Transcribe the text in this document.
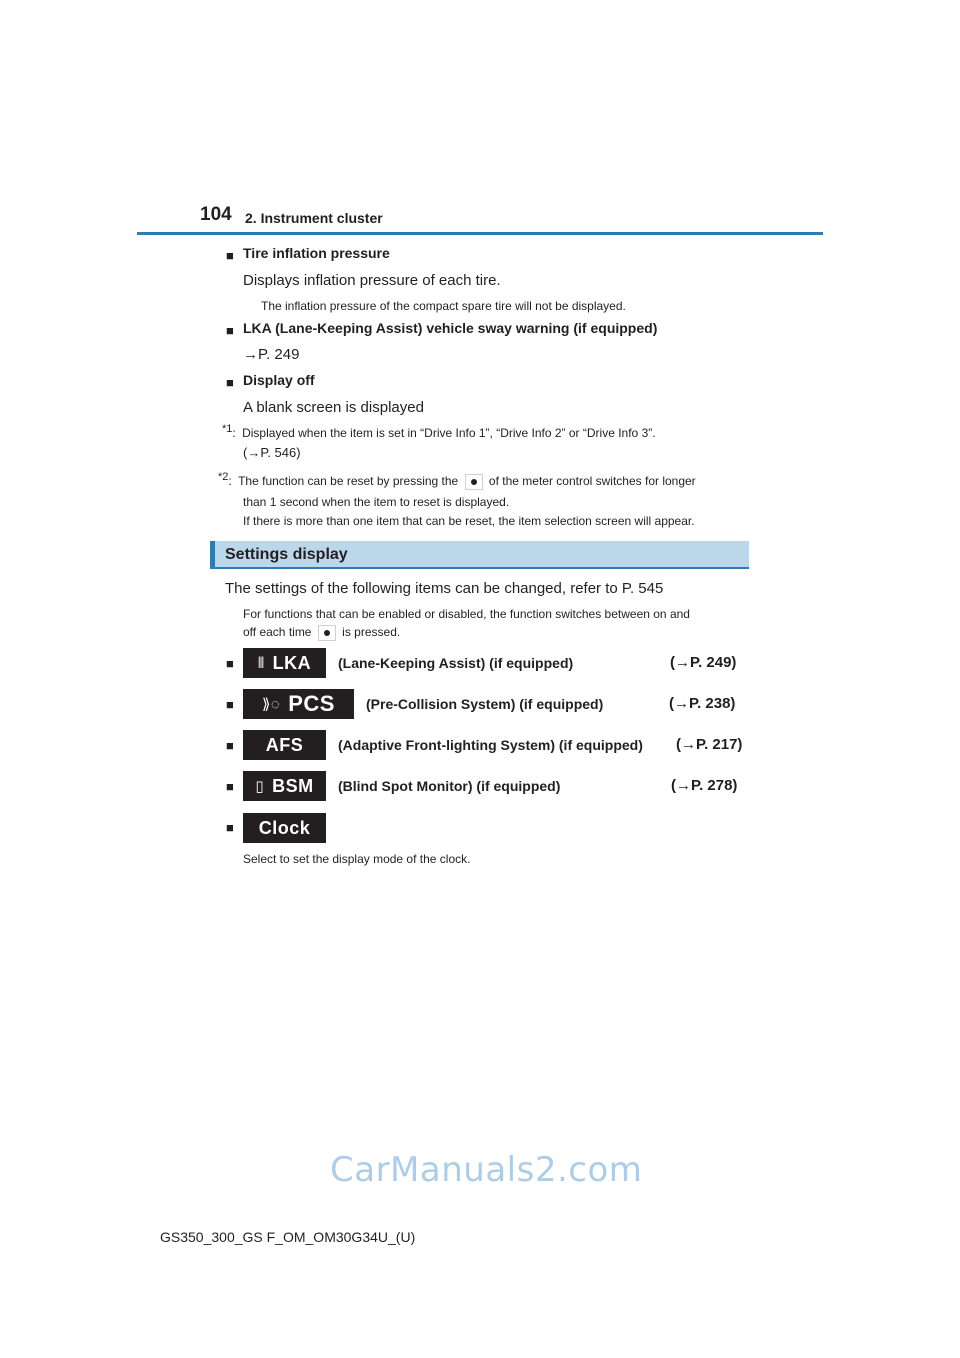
104 2. Instrument cluster
■ Tire inflation pressure
Displays inflation pressure of each tire.
The inflation pressure of the compact spare tire will not be displayed.
■ LKA (Lane-Keeping Assist) vehicle sway warning (if equipped)
→P. 249
■ Display off
A blank screen is displayed
*1: Displayed when the item is set in “Drive Info 1”, “Drive Info 2” or “Drive Info 3”.
(→P. 546)
*2: The function can be reset by pressing the	of the meter control switches for longer
than 1 second when the item to reset is displayed.
If there is more than one item that can be reset, the item selection screen will appear.
Settings display
The settings of the following items can be changed, refer to P. 545
For functions that can be enabled or disabled, the function switches between on and
off each time	is pressed.
■ ⫴ LKA (Lane-Keeping Assist) (if equipped)	(→P. 249)
■ ⟫◌ PCS (Pre-Collision System) (if equipped)	(→P. 238)
■ AFS (Adaptive Front-lighting System) (if equipped) (→P. 217)
■ ▯ BSM (Blind Spot Monitor) (if equipped)	(→P. 278)
■ Clock
Select to set the display mode of the clock.
CarManuals2.com
GS350_300_GS F_OM_OM30G34U_(U)
